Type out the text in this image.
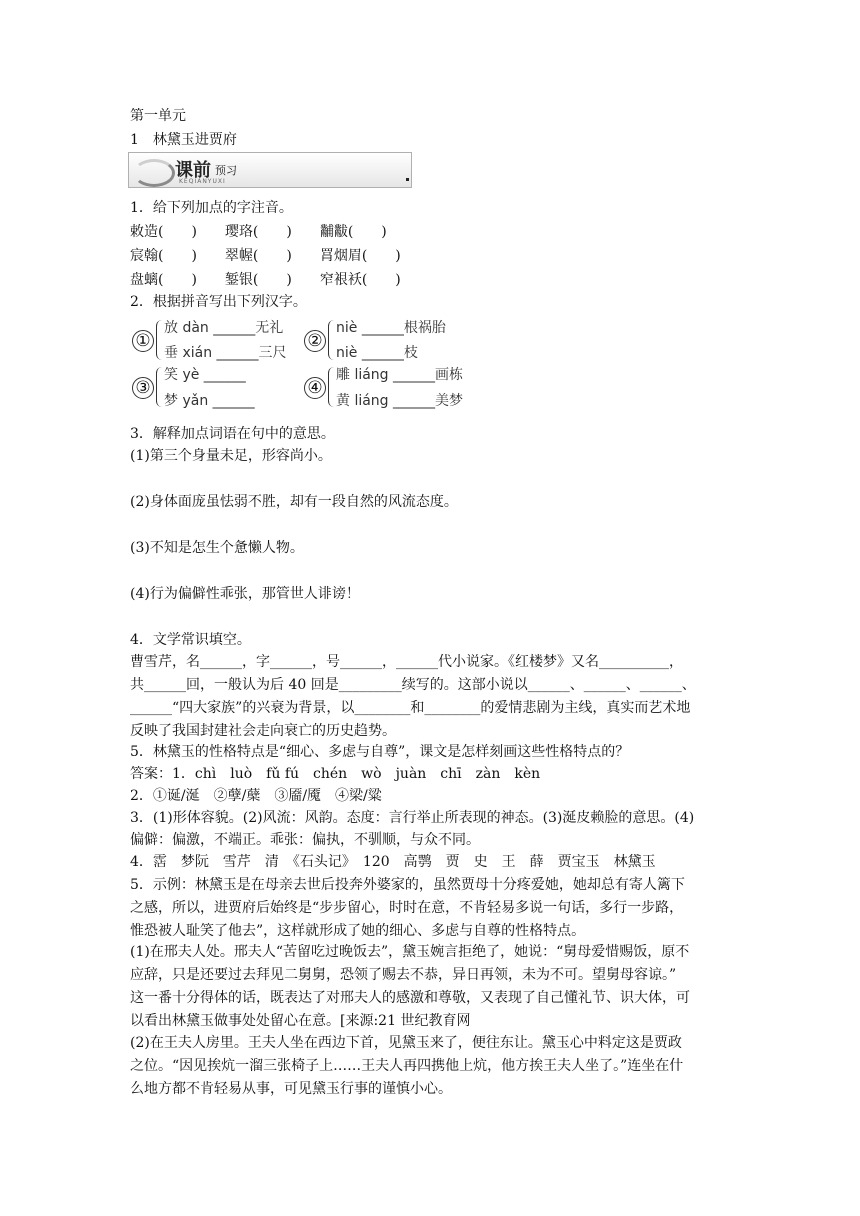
第一单元
1　林黛玉进贾府
课前 预习
KEQIANYUXI
1．给下列加点的字注音。
敕造(　　)　　璎珞(　　)　　黼黻(　　)
宸翰(　　)　　翠幄(　　)　　罥烟眉(　　)
盘螭(　　)　　錾银(　　)　　窄裉袄(　　)
2．根据拼音写出下列汉字。
①
放 dàn ______无礼
垂 xián ______三尺
②
niè ______根祸胎
niè ______枝
③
笑 yè ______
梦 yǎn ______
④
雕 liáng ______画栋
黄 liáng ______美梦
3．解释加点词语在句中的意思。
(1)第三个身量未足，形容尚小。
(2)身体面庞虽怯弱不胜，却有一段自然的风流态度。
(3)不知是怎生个惫懒人物。
(4)行为偏僻性乖张，那管世人诽谤！
4．文学常识填空。
曹雪芹，名______，字______，号______，______代小说家。《红楼梦》又名__________，
共______回，一般认为后 40 回是_________续写的。这部小说以______、______、______、
______“四大家族”的兴衰为背景，以________和________的爱情悲剧为主线，真实而艺术地
反映了我国封建社会走向衰亡的历史趋势。
5．林黛玉的性格特点是“细心、多虑与自尊”，课文是怎样刻画这些性格特点的？
答案：1．chì　luò　fǔ fú　chén　wò　juàn　chī　zàn　kèn
2．①诞/涎　②孽/蘖　③靥/魇　④梁/粱
3．(1)形体容貌。(2)风流：风韵。态度：言行举止所表现的神态。(3)涎皮赖脸的意思。(4)
偏僻：偏激，不端正。乖张：偏执，不驯顺，与众不同。
4．霑　梦阮　雪芹　清　《石头记》　120　高鹗　贾　史　王　薛　贾宝玉　林黛玉
5．示例：林黛玉是在母亲去世后投奔外婆家的，虽然贾母十分疼爱她，她却总有寄人篱下
之感，所以，进贾府后始终是“步步留心，时时在意，不肯轻易多说一句话，多行一步路，
惟恐被人耻笑了他去”，这样就形成了她的细心、多虑与自尊的性格特点。
(1)在邢夫人处。邢夫人“苦留吃过晚饭去”，黛玉婉言拒绝了，她说：“舅母爱惜赐饭，原不
应辞，只是还要过去拜见二舅舅，恐领了赐去不恭，异日再领，未为不可。望舅母容谅。”
这一番十分得体的话，既表达了对邢夫人的感激和尊敬，又表现了自己懂礼节、识大体，可
以看出林黛玉做事处处留心在意。[来源:21 世纪教育网
(2)在王夫人房里。王夫人坐在西边下首，见黛玉来了，便往东让。黛玉心中料定这是贾政
之位。“因见挨炕一溜三张椅子上……王夫人再四携他上炕，他方挨王夫人坐了。”连坐在什
么地方都不肯轻易从事，可见黛玉行事的谨慎小心。
